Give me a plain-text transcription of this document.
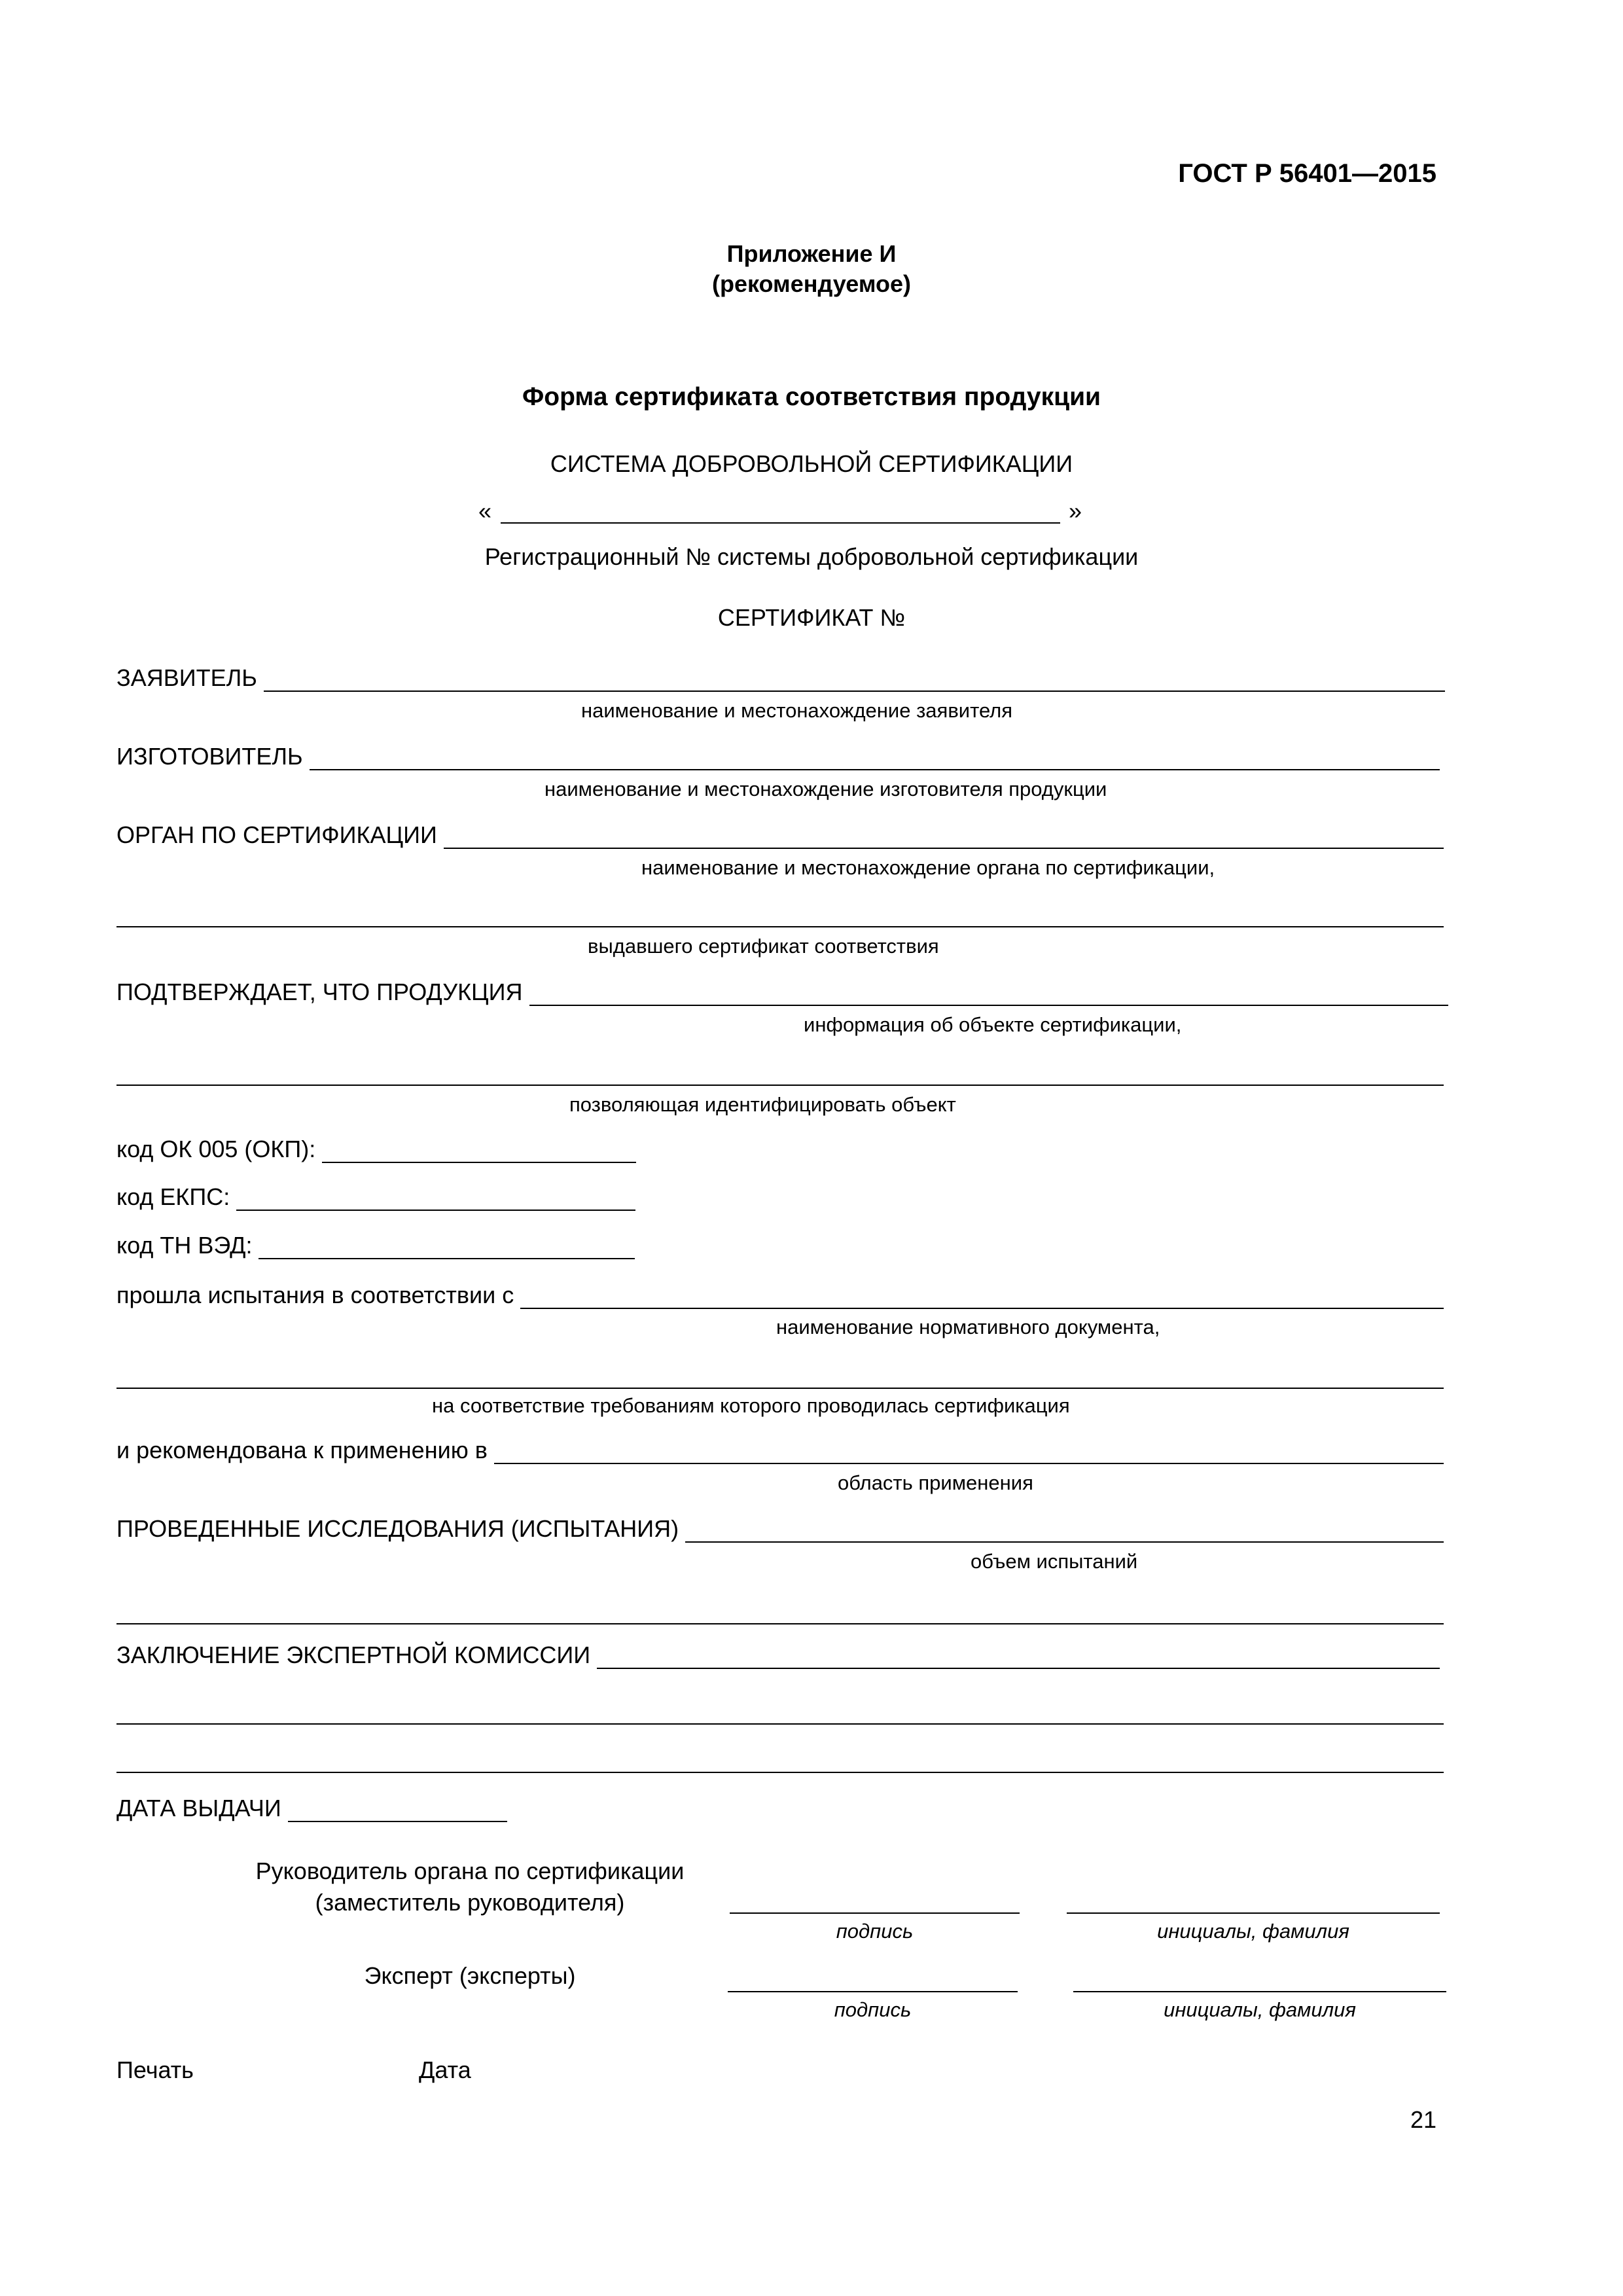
ГОСТ Р 56401—2015
Приложение И
(рекомендуемое)
Форма сертификата соответствия продукции
СИСТЕМА ДОБРОВОЛЬНОЙ СЕРТИФИКАЦИИ
«	»
Регистрационный № системы добровольной сертификации
СЕРТИФИКАТ №
ЗАЯВИТЕЛЬ
наименование и местонахождение заявителя
ИЗГОТОВИТЕЛЬ
наименование и местонахождение изготовителя продукции
ОРГАН ПО СЕРТИФИКАЦИИ
наименование и местонахождение органа по сертификации,
выдавшего сертификат соответствия
ПОДТВЕРЖДАЕТ, ЧТО ПРОДУКЦИЯ
информация об объекте сертификации,
позволяющая идентифицировать объект
код ОК 005 (ОКП):
код ЕКПС:
код ТН ВЭД:
прошла испытания в соответствии с
наименование нормативного документа,
на соответствие требованиям которого проводилась сертификация
и рекомендована к применению в
область применения
ПРОВЕДЕННЫЕ ИССЛЕДОВАНИЯ (ИСПЫТАНИЯ)
объем испытаний
ЗАКЛЮЧЕНИЕ ЭКСПЕРТНОЙ КОМИССИИ
ДАТА ВЫДАЧИ
Руководитель органа по сертификации
(заместитель руководителя)
подпись	инициалы, фамилия
Эксперт (эксперты)
подпись	инициалы, фамилия
Печать	Дата
21
